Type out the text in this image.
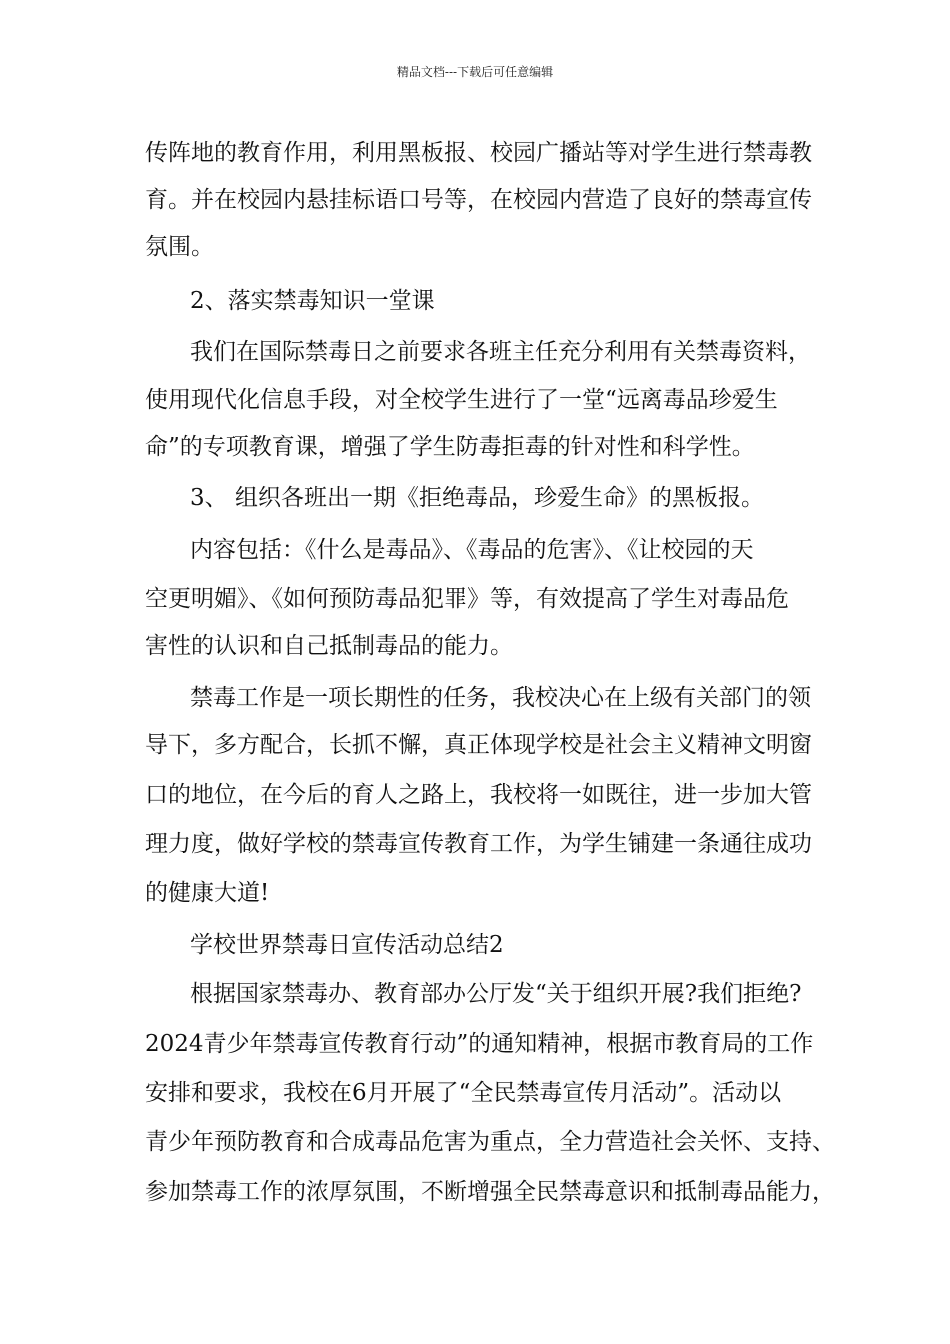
精品文档---下载后可任意编辑
传阵地的教育作用，利用黑板报、校园广播站等对学生进行禁毒教
育。并在校园内悬挂标语口号等，在校园内营造了良好的禁毒宣传
氛围。
2、落实禁毒知识一堂课
我们在国际禁毒日之前要求各班主任充分利用有关禁毒资料，
使用现代化信息手段，对全校学生进行了一堂“远离毒品珍爱生
命”的专项教育课，增强了学生防毒拒毒的针对性和科学性。
3、 组织各班出一期《拒绝毒品，珍爱生命》的黑板报。
内容包括：《什么是毒品》、《毒品的危害》、《让校园的天
空更明媚》、《如何预防毒品犯罪》等，有效提高了学生对毒品危
害性的认识和自己抵制毒品的能力。
禁毒工作是一项长期性的任务，我校决心在上级有关部门的领
导下，多方配合，长抓不懈，真正体现学校是社会主义精神文明窗
口的地位，在今后的育人之路上，我校将一如既往，进一步加大管
理力度，做好学校的禁毒宣传教育工作，为学生铺建一条通往成功
的健康大道!
学校世界禁毒日宣传活动总结2
根据国家禁毒办、教育部办公厅发“关于组织开展?我们拒绝?
2024青少年禁毒宣传教育行动”的通知精神，根据市教育局的工作
安排和要求，我校在6月开展了“全民禁毒宣传月活动”。活动以
青少年预防教育和合成毒品危害为重点，全力营造社会关怀、支持、
参加禁毒工作的浓厚氛围，不断增强全民禁毒意识和抵制毒品能力，
